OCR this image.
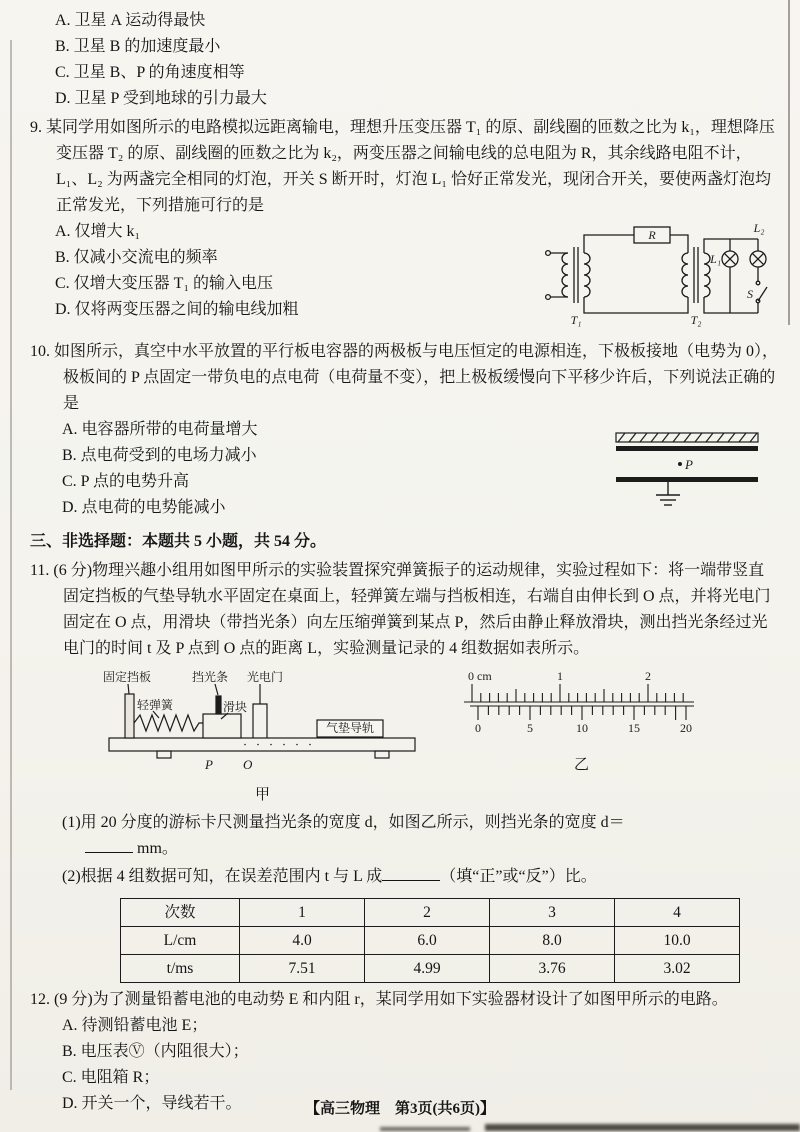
A. 卫星 A 运动得最快
B. 卫星 B 的加速度最小
C. 卫星 B、P 的角速度相等
D. 卫星 P 受到地球的引力最大
9. 某同学用如图所示的电路模拟远距离输电，理想升压变压器 T₁ 的原、副线圈的匝数之比为 k₁，理想降压变压器 T₂ 的原、副线圈的匝数之比为 k₂，两变压器之间输电线的总电阻为 R，其余线路电阻不计，L₁、L₂ 为两盏完全相同的灯泡，开关 S 断开时，灯泡 L₁ 恰好正常发光，现闭合开关，要使两盏灯泡均正常发光，下列措施可行的是
A. 仅增大 k₁
B. 仅减小交流电的频率
C. 仅增大变压器 T₁ 的输入电压
D. 仅将两变压器之间的输电线加粗
R
T₁	T₂
L₁
L₂
S
10. 如图所示，真空中水平放置的平行板电容器的两极板与电压恒定的电源相连，下极板接地（电势为 0），极板间的 P 点固定一带负电的点电荷（电荷量不变），把上极板缓慢向下平移少许后，下列说法正确的是
A. 电容器所带的电荷量增大
B. 点电荷受到的电场力减小
C. P 点的电势升高
D. 点电荷的电势能减小
P
三、非选择题：本题共 5 小题，共 54 分。
11. (6 分)物理兴趣小组用如图甲所示的实验装置探究弹簧振子的运动规律，实验过程如下：将一端带竖直固定挡板的气垫导轨水平固定在桌面上，轻弹簧左端与挡板相连，右端自由伸长到 O 点，并将光电门固定在 O 点，用滑块（带挡光条）向左压缩弹簧到某点 P，然后由静止释放滑块，测出挡光条经过光电门的时间 t 及 P 点到 O 点的距离 L，实验测量记录的 4 组数据如表所示。
固定挡板	挡光条 光电门
轻弹簧	滑块
气垫导轨
P O
甲
0 cm	1	2
0	5	10	15	20
乙
(1)用 20 分度的游标卡尺测量挡光条的宽度 d，如图乙所示，则挡光条的宽度 d＝
mm。
(2)根据 4 组数据可知，在误差范围内 t 与 L 成	（填“正”或“反”）比。
次数	1	2	3	4
L/cm	4.0	6.0	8.0	10.0
t/ms	7.51	4.99	3.76	3.02
12. (9 分)为了测量铅蓄电池的电动势 E 和内阻 r，某同学用如下实验器材设计了如图甲所示的电路。
A. 待测铅蓄电池 E；
B. 电压表Ⓥ（内阻很大）；
C. 电阻箱 R；
D. 开关一个，导线若干。	【高三物理　第3页(共6页)】
